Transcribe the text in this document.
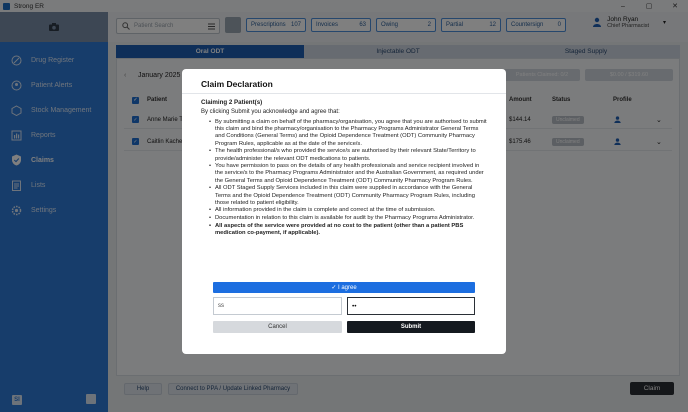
Claim Declaration
Claiming 2 Patient(s)
By clicking Submit you acknowledge and agree that:
• By submitting a claim on behalf of the pharmacy/organisation, you agree that you are authorised to submit this claim and bind the pharmacy/organisation to the Pharmacy Programs Administrator General Terms and Conditions (General Terms) and the Opioid Dependence Treatment (ODT) Community Pharmacy Program Rules, applicable as at the date of the service/s.
• The health professional/s who provided the service/s are authorised by their relevant State/Territory to provide/administer the relevant ODT medications to patients.
• You have permission to pass on the details of any health professionals and service recipient involved in the service/s to the Pharmacy Programs Administrator and the Australian Government, as required under the General Terms and Opioid Dependence Treatment (ODT) Community Pharmacy Program Rules.
• All ODT Staged Supply Services included in this claim were supplied in accordance with the General Terms and the Opioid Dependence Treatment (ODT) Community Pharmacy Program Rules, including those related to patient eligibility.
• All information provided in the claim is complete and correct at the time of submission.
• Documentation in relation to this claim is available for audit by the Pharmacy Programs Administrator.
• All aspects of the service were provided at no cost to the patient (other than a patient PBS medication co-payment, if applicable).
✓ I agree
ss	••
Cancel	Submit
